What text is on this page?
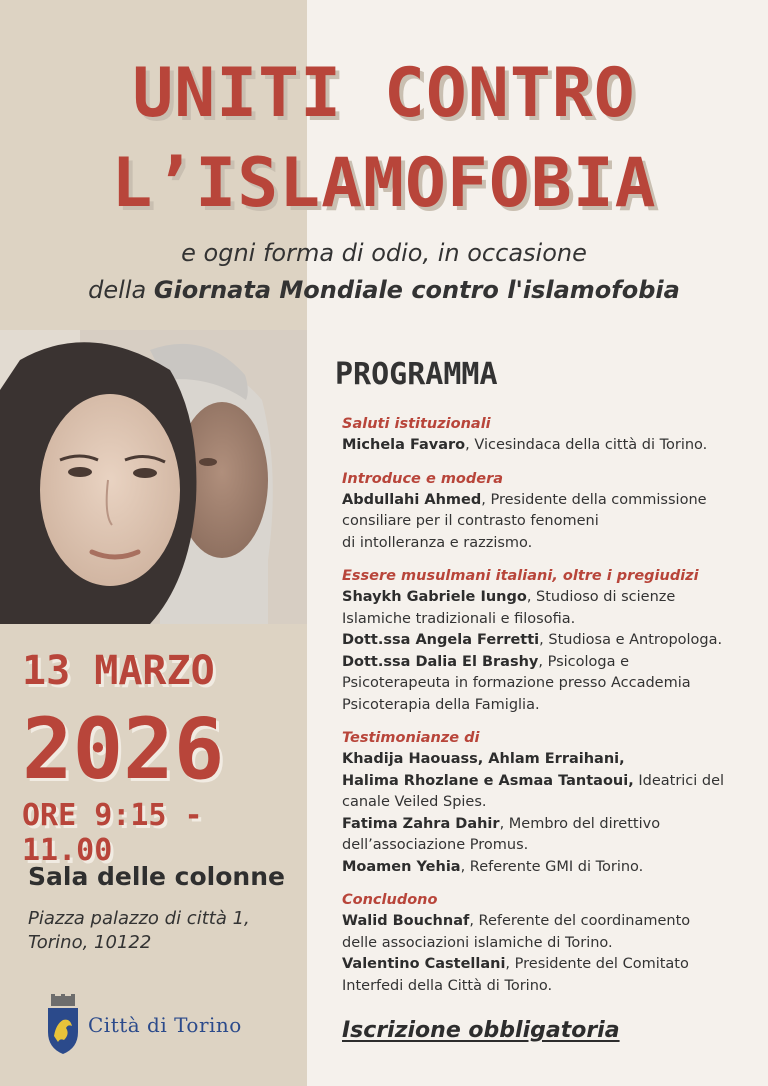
UNITI CONTRO
L’ISLAMOFOBIA
e ogni forma di odio, in occasione
della Giornata Mondiale contro l'islamofobia
13 MARZO
2026
ORE 9:15 - 11.00
Sala delle colonne
Piazza palazzo di città 1,
Torino, 10122
Città di Torino
PROGRAMMA
Saluti istituzionali
Michela Favaro, Vicesindaca della città di Torino.
Introduce e modera
Abdullahi Ahmed, Presidente della commissione
consiliare per il contrasto fenomeni
di intolleranza e razzismo.
Essere musulmani italiani, oltre i pregiudizi
Shaykh Gabriele Iungo, Studioso di scienze
Islamiche tradizionali e filosofia.
Dott.ssa Angela Ferretti, Studiosa e Antropologa.
Dott.ssa Dalia El Brashy, Psicologa e
Psicoterapeuta in formazione presso Accademia
Psicoterapia della Famiglia.
Testimonianze di
Khadija Haouass, Ahlam Erraihani,
Halima Rhozlane e Asmaa Tantaoui, Ideatrici del
canale Veiled Spies.
Fatima Zahra Dahir, Membro del direttivo
dell’associazione Promus.
Moamen Yehia, Referente GMI di Torino.
Concludono
Walid Bouchnaf, Referente del coordinamento
delle associazioni islamiche di Torino.
Valentino Castellani, Presidente del Comitato
Interfedi della Città di Torino.
Iscrizione obbligatoria
